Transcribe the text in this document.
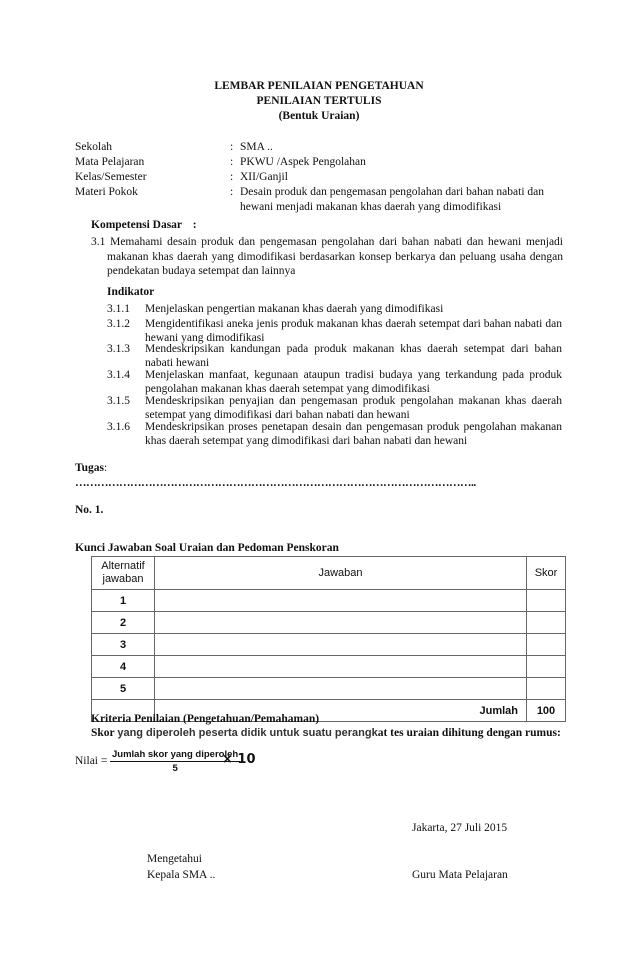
LEMBAR PENILAIAN PENGETAHUAN
PENILAIAN TERTULIS
(Bentuk Uraian)
Sekolah	: SMA ..
Mata Pelajaran	: PKWU /Aspek Pengolahan
Kelas/Semester	: XII/Ganjil
Materi Pokok	: Desain produk dan pengemasan pengolahan dari bahan nabati dan hewani menjadi makanan khas daerah yang dimodifikasi
Kompetensi Dasar :
3.1 Memahami desain produk dan pengemasan pengolahan dari bahan nabati dan hewani menjadi makanan khas daerah yang dimodifikasi berdasarkan konsep berkarya dan peluang usaha dengan pendekatan budaya setempat dan lainnya
Indikator
3.1.1 Menjelaskan pengertian makanan khas daerah yang dimodifikasi
3.1.2 Mengidentifikasi aneka jenis produk makanan khas daerah setempat dari bahan nabati dan hewani yang dimodifikasi
3.1.3 Mendeskripsikan kandungan pada produk makanan khas daerah setempat dari bahan nabati hewani
3.1.4 Menjelaskan manfaat, kegunaan ataupun tradisi budaya yang terkandung pada produk pengolahan makanan khas daerah setempat yang dimodifikasi
3.1.5 Mendeskripsikan penyajian dan pengemasan produk pengolahan makanan khas daerah setempat yang dimodifikasi dari bahan nabati dan hewani
3.1.6 Mendeskripsikan proses penetapan desain dan pengemasan produk pengolahan makanan khas daerah setempat yang dimodifikasi dari bahan nabati dan hewani
Tugas:
………………………………………………………………………………………………..
No. 1.
Kunci Jawaban Soal Uraian dan Pedoman Penskoran
Alternatif jawaban	Jawaban	Skor
1		
2		
3		
4		
5		
	Jumlah	100
Kriteria Penilaian (Pengetahuan/Pemahaman)
Skor yang diperoleh peserta didik untuk suatu perangkat tes uraian dihitung dengan rumus:
Nilai =
Jumlah skor yang diperoleh
5
× 10
Jakarta, 27 Juli 2015
Mengetahui
Kepala SMA ..	Guru Mata Pelajaran
